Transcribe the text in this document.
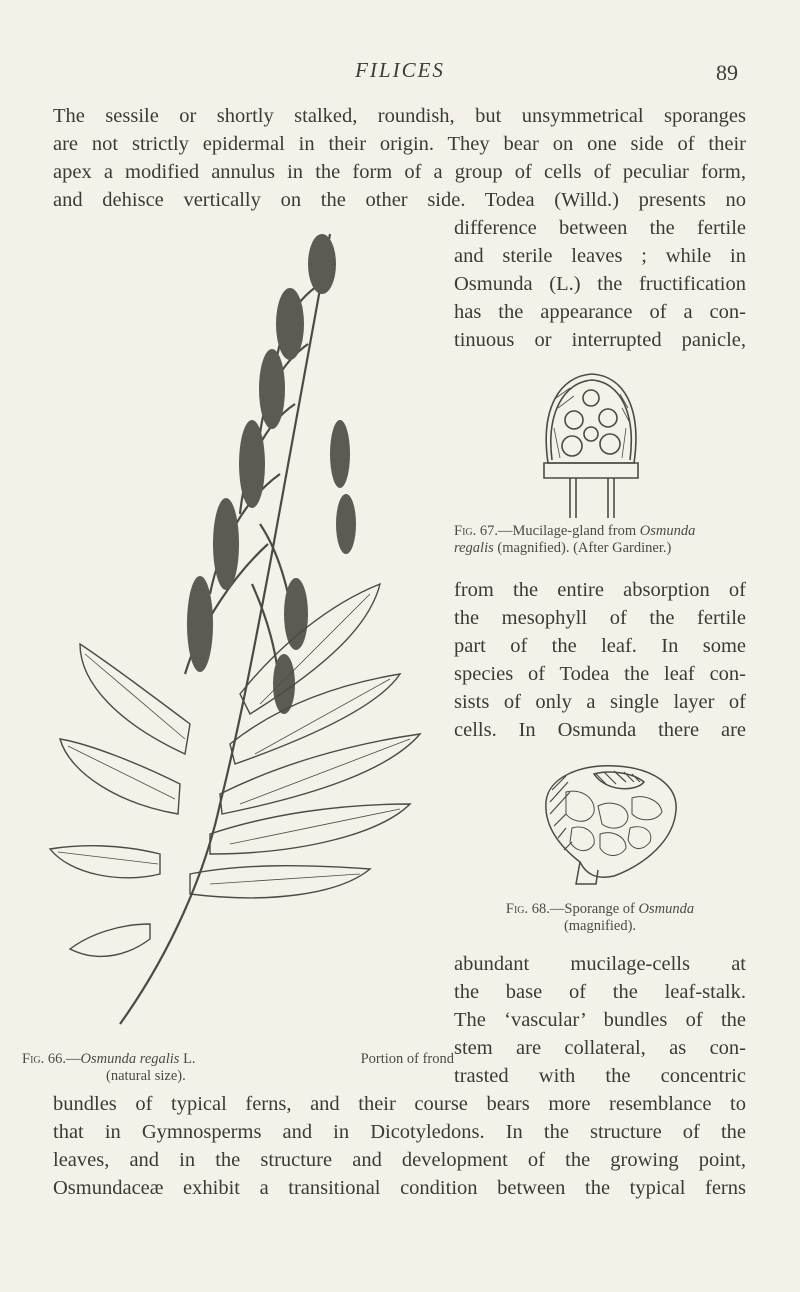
FILICES	89
The sessile or shortly stalked, roundish, but unsymmetrical sporanges
are not strictly epidermal in their origin. They bear on one side of their
apex a modified annulus in the form of a group of cells of peculiar form,
and dehisce vertically on the other side. Todea (Willd.) presents no
difference between the fertile
and sterile leaves ; while in
Osmunda (L.) the fructification
has the appearance of a con-
tinuous or interrupted panicle,
Fig. 67.—Mucilage-gland from Osmunda
regalis (magnified). (After Gardiner.)
from the entire absorption of
the mesophyll of the fertile
part of the leaf. In some
species of Todea the leaf con-
sists of only a single layer of
cells. In Osmunda there are
Fig. 68.—Sporange of Osmunda
(magnified).
abundant mucilage-cells at
the base of the leaf-stalk.
The ‘vascular’ bundles of the
stem are collateral, as con-
trasted with the concentric
bundles of typical ferns, and their course bears more resemblance to
that in Gymnosperms and in Dicotyledons. In the structure of the
leaves, and in the structure and development of the growing point,
Osmundaceæ exhibit a transitional condition between the typical ferns
Fig. 66.—Osmunda regalis L.	Portion of frond
(natural size).
